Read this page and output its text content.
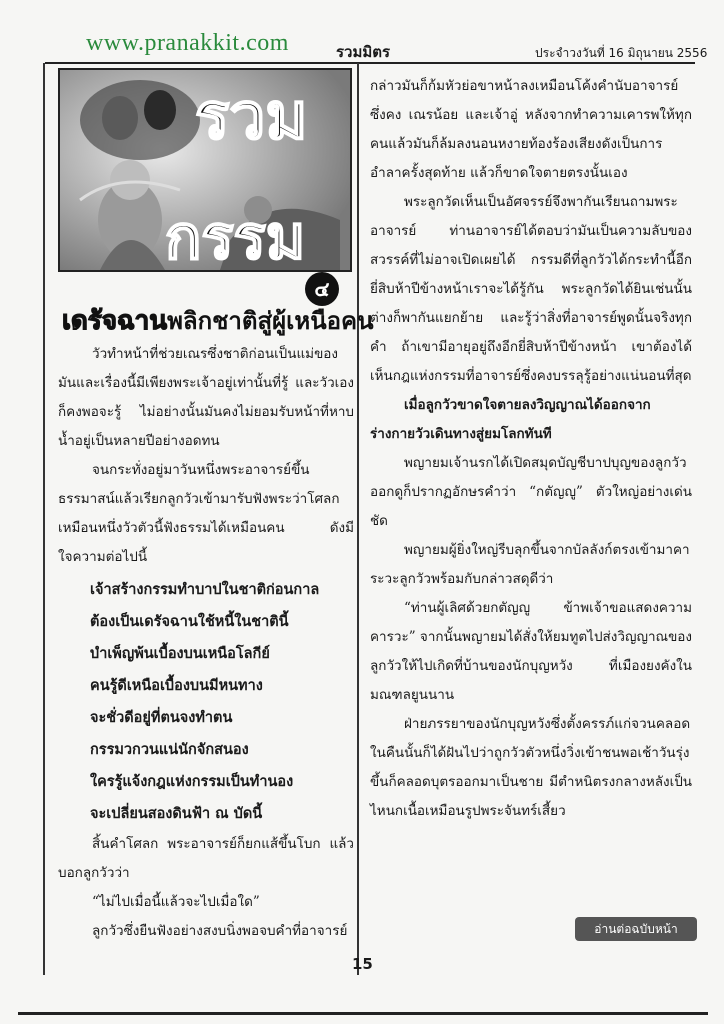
www.pranakkit.com	รวมมิตร	ประจำวงวันที่ 16 มิถุนายน 2556
รวม
กรรม
๔
เดรัจฉานพลิกชาติสู่ผู้เหนือคน

วัวทำหน้าที่ช่วยเณรซึ่งชาติก่อนเป็นแม่ของมันและเรื่องนี้มีเพียงพระเจ้าอยู่เท่านั้นที่รู้ และวัวเองก็คงพอจะรู้ ไม่อย่างนั้นมันคงไม่ยอมรับหน้าที่หาบน้ำอยู่เป็นหลายปีอย่างอดทน

จนกระทั่งอยู่มาวันหนึ่งพระอาจารย์ขึ้นธรรมาสน์แล้วเรียกลูกวัวเข้ามารับฟังพระว่าโศลก เหมือนหนึ่งวัวตัวนี้ฟังธรรมได้เหมือนคน ดังมีใจความต่อไปนี้

เจ้าสร้างกรรมทำบาปในชาติก่อนกาล
ต้องเป็นเดรัจฉานใช้หนี้ในชาตินี้
บำเพ็ญพ้นเบื้องบนเหนือโลกีย์
คนรู้ดีเหนือเบื้องบนมีหนทาง
จะชั่วดีอยู่ที่ตนจงทำตน
กรรมวกวนแน่นักจักสนอง
ใครรู้แจ้งกฎแห่งกรรมเป็นทำนอง
จะเปลี่ยนสองดินฟ้า ณ บัดนี้

สิ้นคำโศลก พระอาจารย์ก็ยกแส้ขึ้นโบก แล้วบอกลูกวัวว่า

“ไม่ไปเมื่อนี้แล้วจะไปเมื่อใด”

ลูกวัวซึ่งยืนฟังอย่างสงบนิ่งพอจบคำที่อาจารย์

กล่าวมันก็ก้มหัวย่อขาหน้าลงเหมือนโค้งคำนับอาจารย์ซึ่งคง เณรน้อย และเจ้าอู่ หลังจากทำความเคารพให้ทุกคนแล้วมันก็ล้มลงนอนหงายท้องร้องเสียงดังเป็นการอำลาครั้งสุดท้าย แล้วก็ขาดใจตายตรงนั้นเอง

พระลูกวัดเห็นเป็นอัศจรรย์จึงพากันเรียนถามพระอาจารย์ ท่านอาจารย์ได้ตอบว่ามันเป็นความลับของสวรรค์ที่ไม่อาจเปิดเผยได้ กรรมดีที่ลูกวัวได้กระทำนี้อีกยี่สิบห้าปีข้างหน้าเราจะได้รู้กัน พระลูกวัดได้ยินเช่นนั้นต่างก็พากันแยกย้าย และรู้ว่าสิ่งที่อาจารย์พูดนั้นจริงทุกคำ ถ้าเขามีอายุอยู่ถึงอีกยี่สิบห้าปีข้างหน้า เขาต้องได้เห็นกฎแห่งกรรมที่อาจารย์ซึ่งคงบรรลุรู้อย่างแน่นอนที่สุด

เมื่อลูกวัวขาดใจตายลงวิญญาณได้ออกจากร่างกายวัวเดินทางสู่ยมโลกทันที

พญายมเจ้านรกได้เปิดสมุดบัญชีบาปบุญของลูกวัวออกดูก็ปรากฏอักษรคำว่า “กตัญญู” ตัวใหญ่อย่างเด่นชัด

พญายมผู้ยิ่งใหญ่รีบลุกขึ้นจากบัลลังก์ตรงเข้ามาคาระวะลูกวัวพร้อมกับกล่าวสดุดีว่า

“ท่านผู้เลิศด้วยกตัญญู ข้าพเจ้าขอแสดงความคารวะ” จากนั้นพญายมได้สั่งให้ยมทูตไปส่งวิญญาณของลูกวัวให้ไปเกิดที่บ้านของนักบุญหวัง ที่เมืองยงคังในมณฑลยูนนาน

ฝ่ายภรรยาของนักบุญหวังซึ่งตั้งครรภ์แก่จวนคลอด ในคืนนั้นก็ได้ฝันไปว่าถูกวัวตัวหนึ่งวิ่งเข้าชนพอเช้าวันรุ่งขึ้นก็คลอดบุตรออกมาเป็นชาย มีตำหนิตรงกลางหลังเป็นไหนกเนื้อเหมือนรูปพระจันทร์เสี้ยว

อ่านต่อฉบับหน้า
15
